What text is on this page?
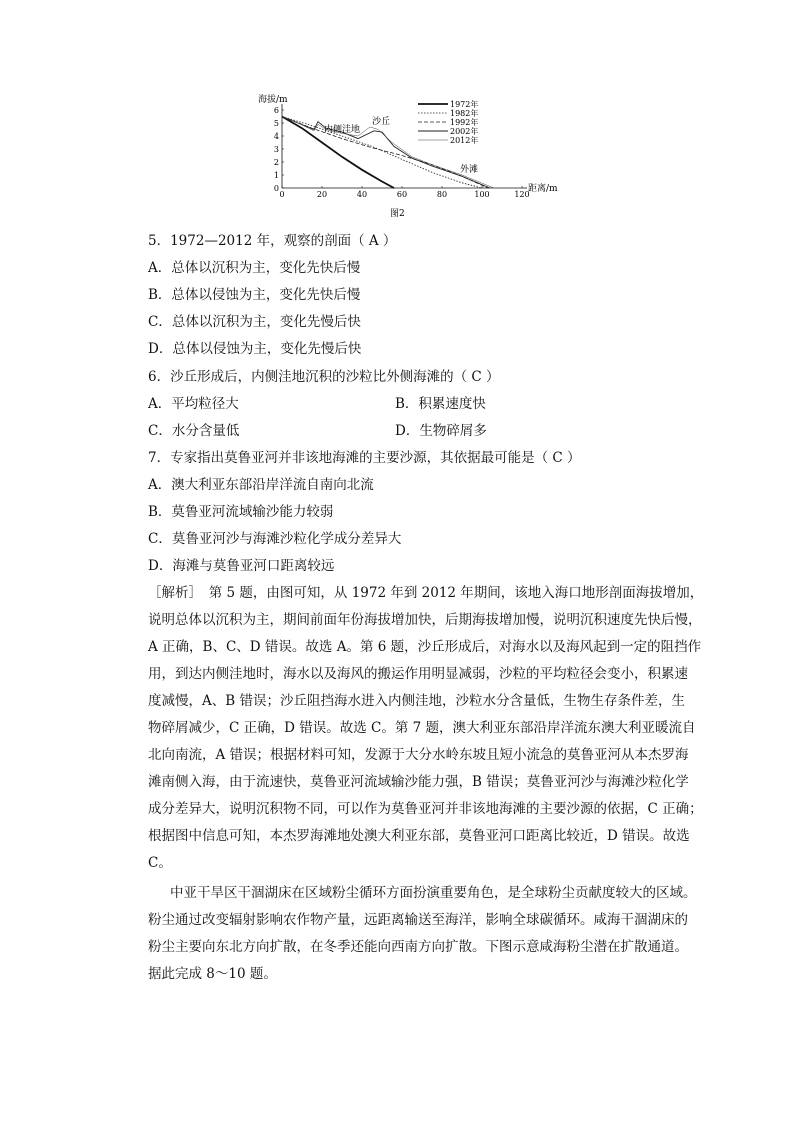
0	20	40	60	80	100	120
0
1
2
3
4
5
6
1972年
1982年
1992年
2002年
2012年
海拔/m
距离/m
图2
内侧洼地
沙丘
外滩
5．1972—2012 年，观察的剖面（ A ）
A．总体以沉积为主，变化先快后慢
B．总体以侵蚀为主，变化先快后慢
C．总体以沉积为主，变化先慢后快
D．总体以侵蚀为主，变化先慢后快
6．沙丘形成后，内侧洼地沉积的沙粒比外侧海滩的（ C ）
A．平均粒径大	B．积累速度快
C．水分含量低	D．生物碎屑多
7．专家指出莫鲁亚河并非该地海滩的主要沙源，其依据最可能是（ C ）
A．澳大利亚东部沿岸洋流自南向北流
B．莫鲁亚河流域输沙能力较弱
C．莫鲁亚河沙与海滩沙粒化学成分差异大
D．海滩与莫鲁亚河口距离较远
［解析］　第 5 题，由图可知，从 1972 年到 2012 年期间，该地入海口地形剖面海拔增加，
说明总体以沉积为主，期间前面年份海拔增加快，后期海拔增加慢，说明沉积速度先快后慢，
A 正确，B、C、D 错误。故选 A。第 6 题，沙丘形成后，对海水以及海风起到一定的阻挡作
用，到达内侧洼地时，海水以及海风的搬运作用明显减弱，沙粒的平均粒径会变小，积累速
度减慢，A、B 错误；沙丘阻挡海水进入内侧洼地，沙粒水分含量低，生物生存条件差，生
物碎屑减少，C 正确，D 错误。故选 C。第 7 题，澳大利亚东部沿岸洋流东澳大利亚暖流自
北向南流，A 错误；根据材料可知，发源于大分水岭东坡且短小流急的莫鲁亚河从本杰罗海
滩南侧入海，由于流速快，莫鲁亚河流域输沙能力强，B 错误；莫鲁亚河沙与海滩沙粒化学
成分差异大，说明沉积物不同，可以作为莫鲁亚河并非该地海滩的主要沙源的依据，C 正确；
根据图中信息可知，本杰罗海滩地处澳大利亚东部，莫鲁亚河口距离比较近，D 错误。故选
C。
中亚干旱区干涸湖床在区域粉尘循环方面扮演重要角色，是全球粉尘贡献度较大的区域。
粉尘通过改变辐射影响农作物产量，远距离输送至海洋，影响全球碳循环。咸海干涸湖床的
粉尘主要向东北方向扩散，在冬季还能向西南方向扩散。下图示意咸海粉尘潜在扩散通道。
据此完成 8～10 题。
